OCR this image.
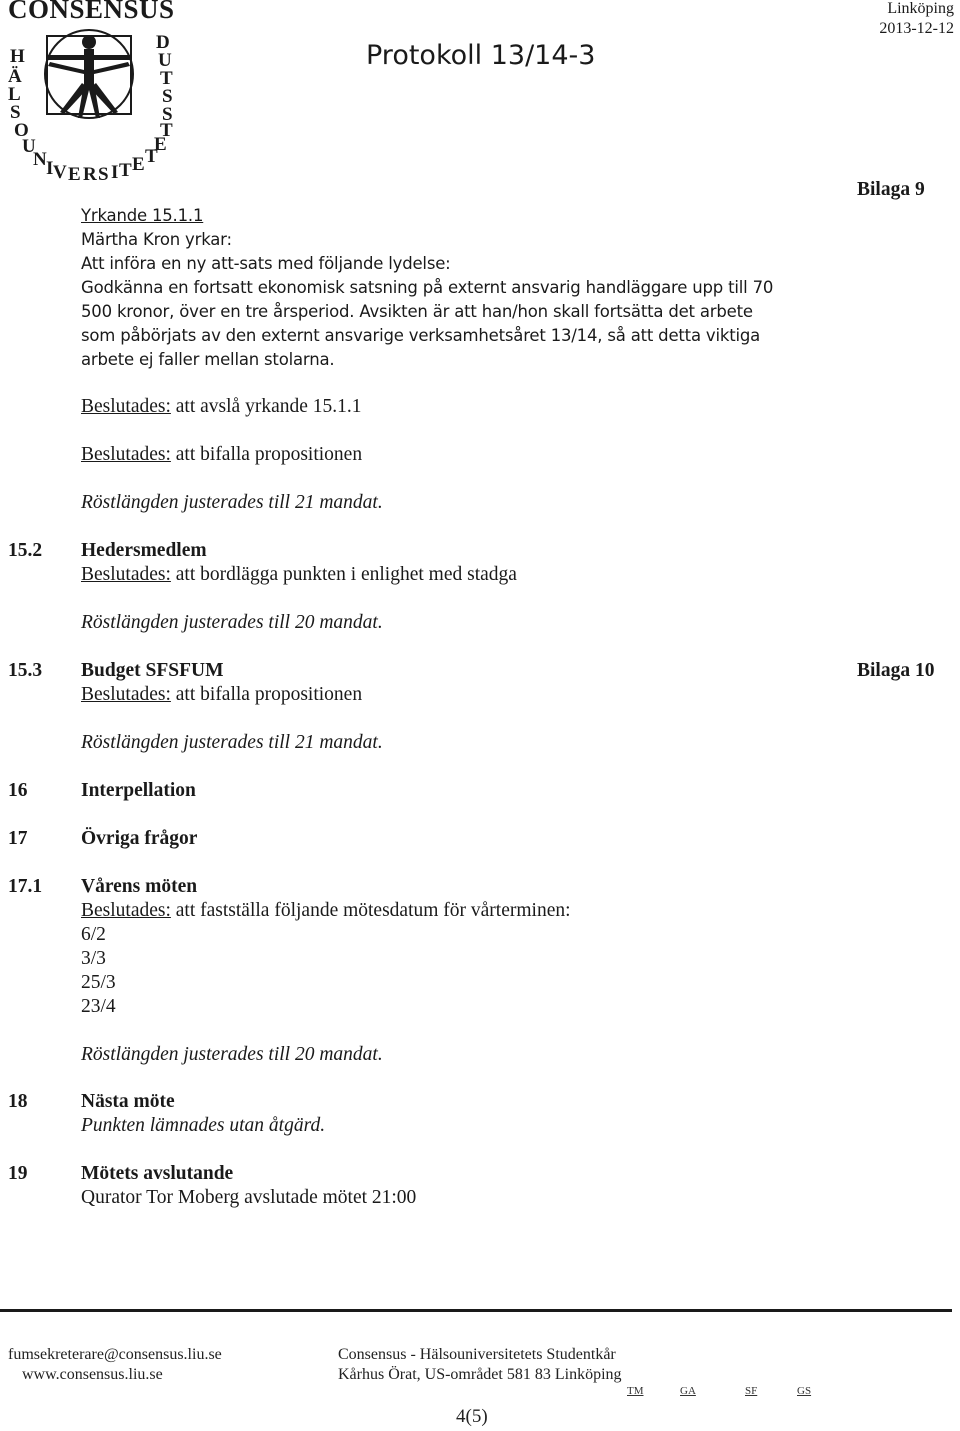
H
Ä
L
S
O
U
N I V E R S I T E T
E
T
S
S
T
U
D
CONSENSUS
Protokoll 13/14-3
Linköping
2013-12-12
Yrkande 15.1.1
Bilaga 9
Märtha Kron yrkar:
Att införa en ny att-sats med följande lydelse:
Godkänna en fortsatt ekonomisk satsning på externt ansvarig handläggare upp till 70
500 kronor, över en tre årsperiod. Avsikten är att han/hon skall fortsätta det arbete
som påbörjats av den externt ansvarige verksamhetsåret 13/14, så att detta viktiga
arbete ej faller mellan stolarna.
Beslutades: att avslå yrkande 15.1.1
Beslutades: att bifalla propositionen
Röstlängden justerades till 21 mandat.
15.2 Hedersmedlem
Beslutades: att bordlägga punkten i enlighet med stadga
Röstlängden justerades till 20 mandat.
15.3 Budget SFSFUM	Bilaga 10
Beslutades: att bifalla propositionen
Röstlängden justerades till 21 mandat.
16	Interpellation
17	Övriga frågor
17.1 Vårens möten
Beslutades: att fastställa följande mötesdatum för vårterminen:
6/2
3/3
25/3
23/4
Röstlängden justerades till 20 mandat.
18	Nästa möte
Punkten lämnades utan åtgärd.
19	Mötets avslutande
Qurator Tor Moberg avslutade mötet 21:00
fumsekreterare@consensus.liu.se
www.consensus.liu.se
Consensus - Hälsouniversitetets Studentkår
Kårhus Örat, US-området 581 83 Linköping
TM	GA	SF	GS
4(5)
